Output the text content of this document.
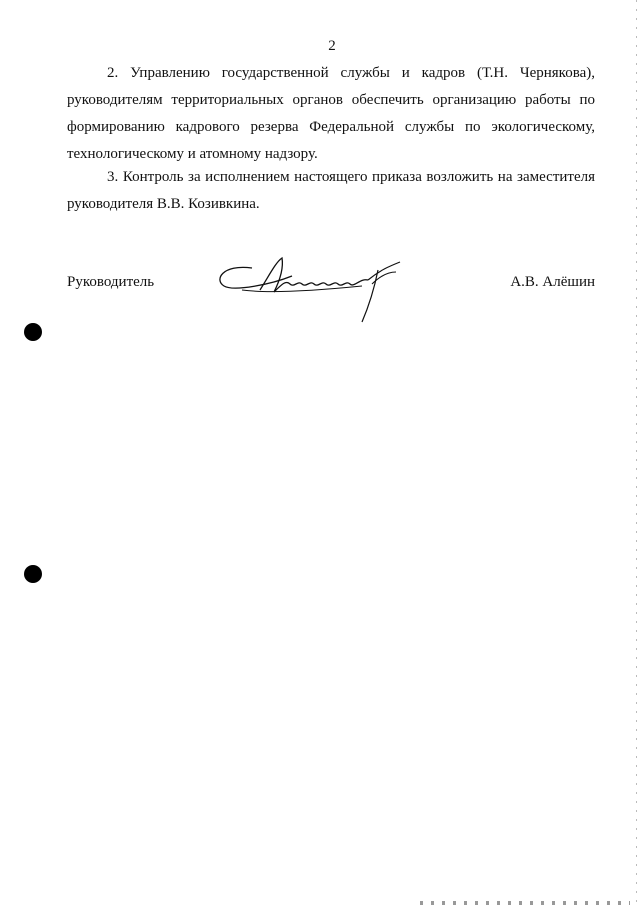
2

2. Управлению государственной службы и кадров (Т.Н. Чернякова), руководителям территориальных органов обеспечить организацию работы по формированию кадрового резерва Федеральной службы по экологическому, технологическому и атомному надзору.

3. Контроль за исполнением настоящего приказа возложить на заместителя руководителя В.В. Козивкина.

Руководитель	А.В. Алёшин
